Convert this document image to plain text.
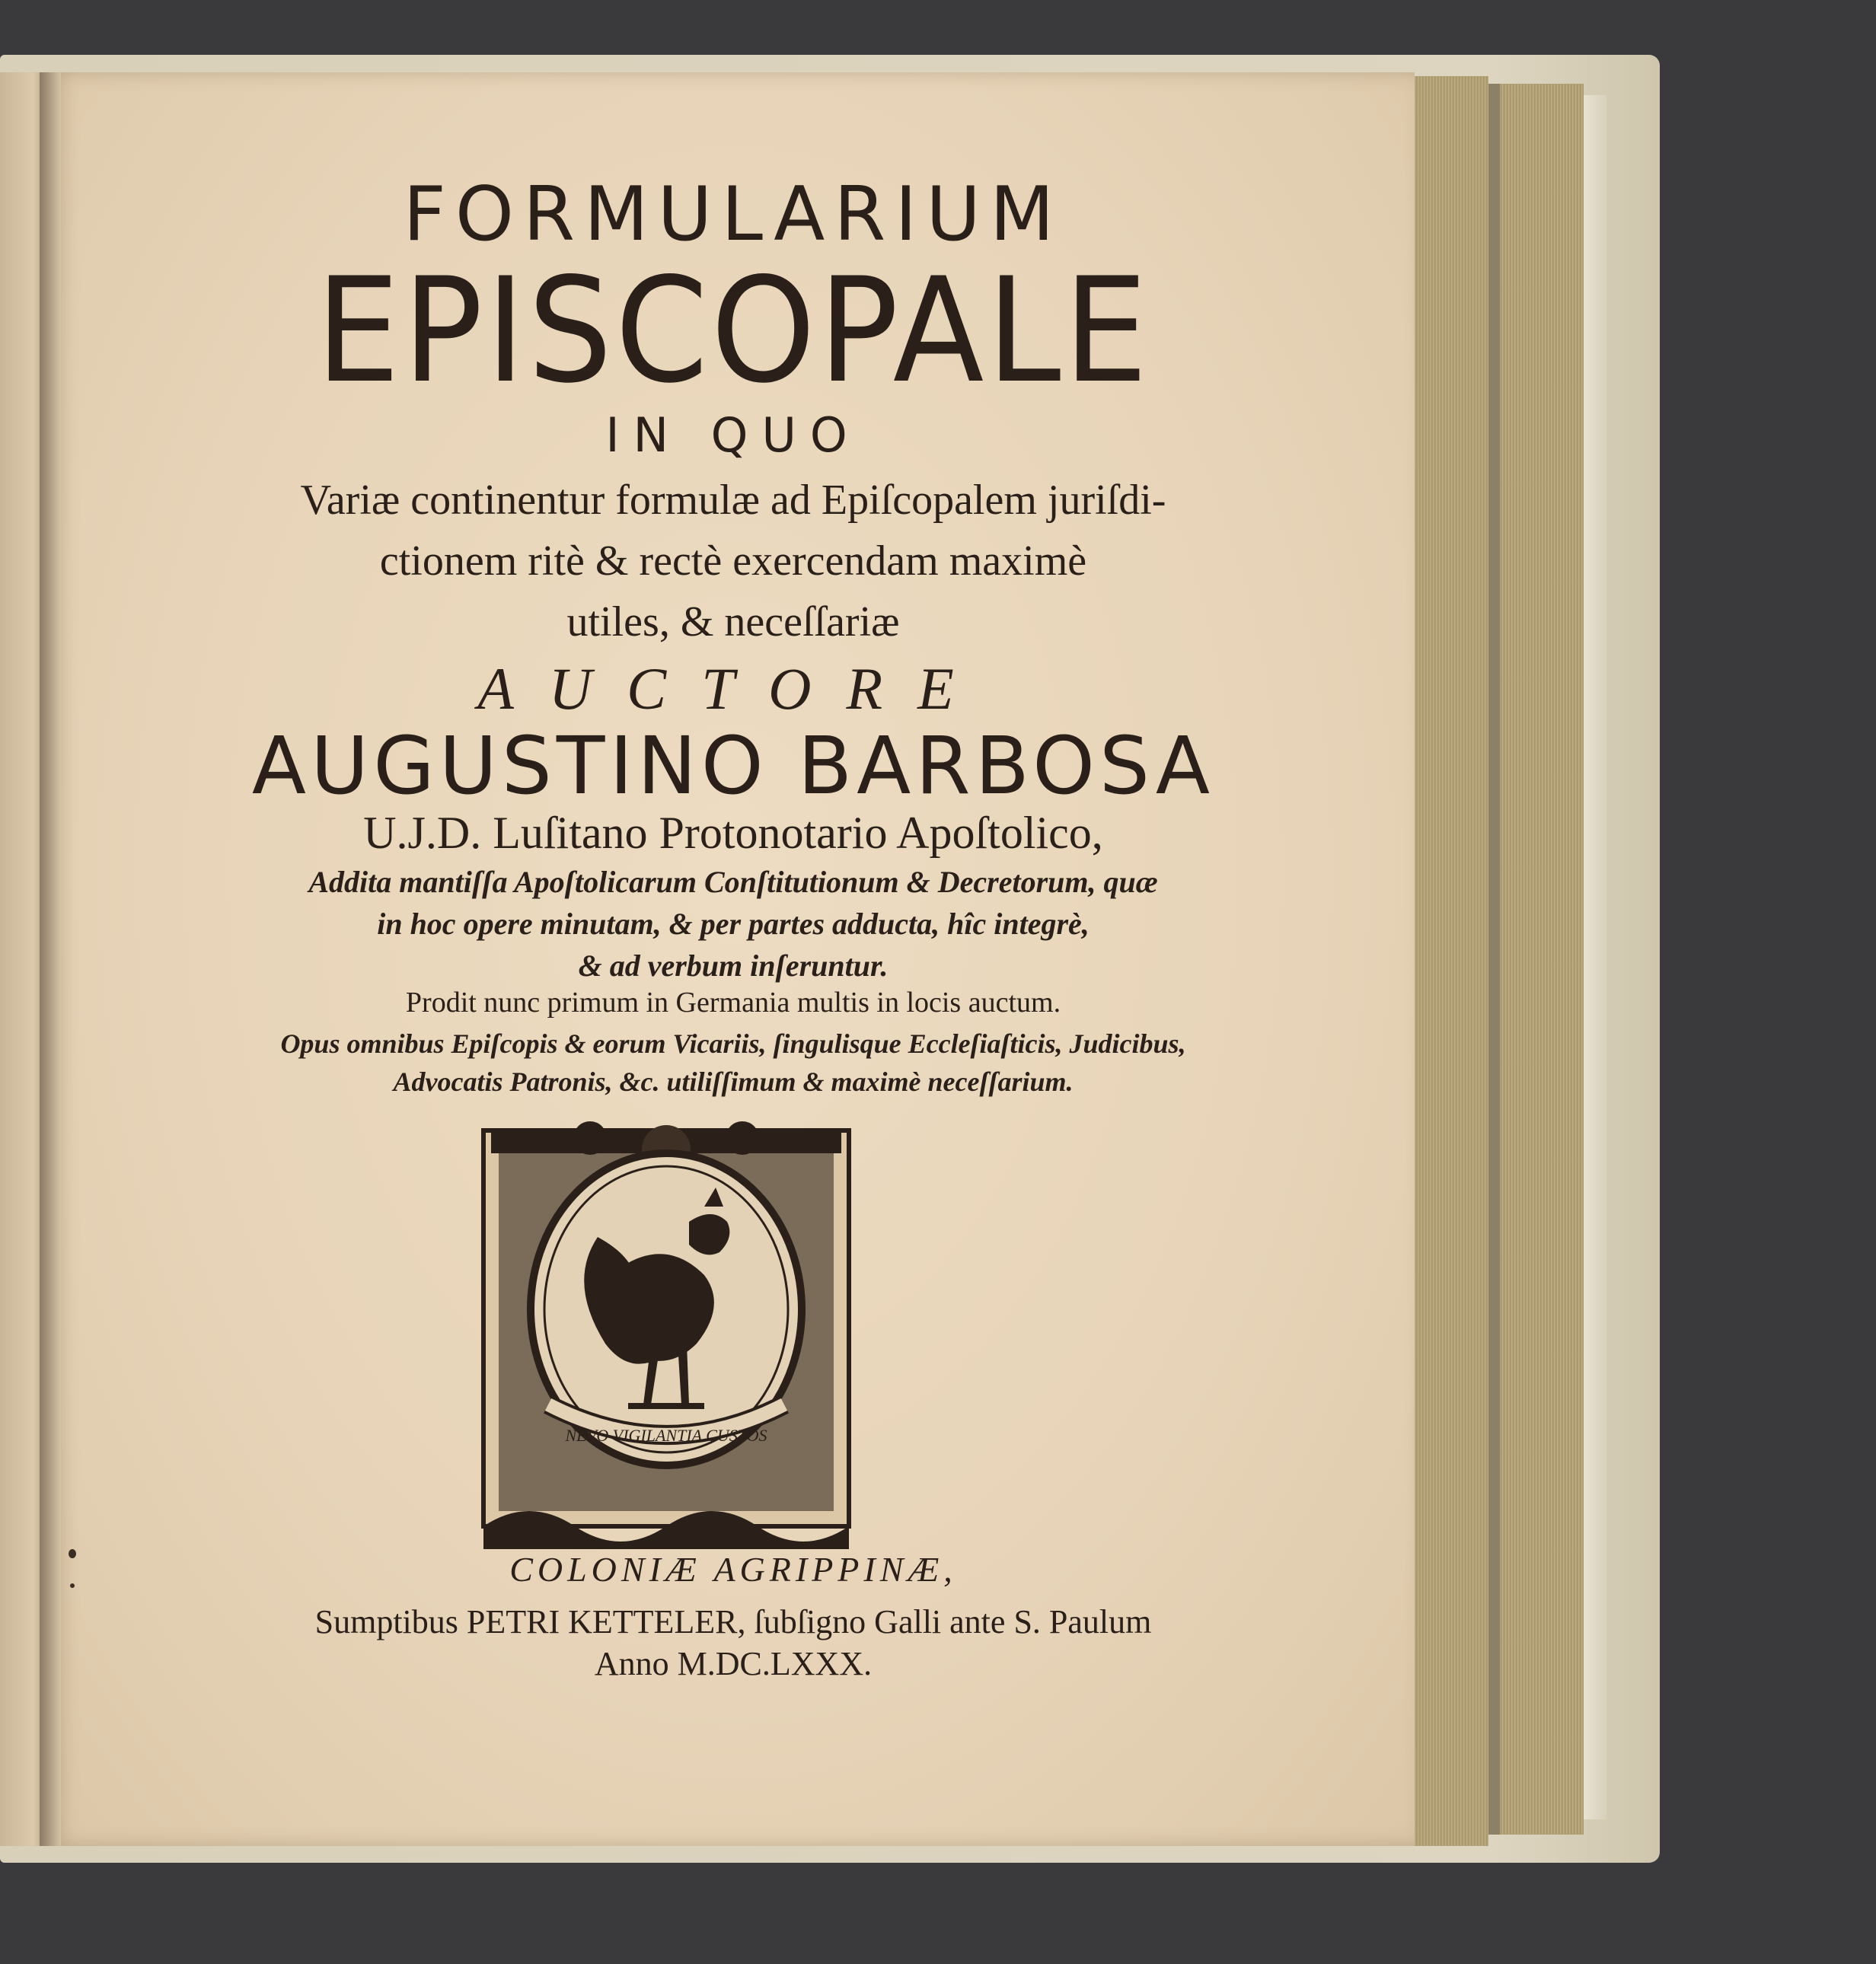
FORMULARIUM
EPISCOPALE
IN QUO
Variæ continentur formulæ ad Epiſcopalem juriſdi-
ctionem ritè & rectè exercendam maximè
utiles, & neceſſariæ
AUCTORE
AUGUSTINO BARBOSA
U.J.D. Luſitano Protonotario Apoſtolico,
Addita mantiſſa Apoſtolicarum Conſtitutionum & Decretorum, quæ
in hoc opere minutam, & per partes adducta, hîc integrè,
& ad verbum inſeruntur.
Prodit nunc primum in Germania multis in locis auctum.
Opus omnibus Epiſcopis & eorum Vicariis, ſingulisque Eccleſiaſticis, Judicibus,
Advocatis Patronis, &c. utiliſſimum & maximè neceſſarium.
NEVO VIGILANTIA CUSTOS
COLONIÆ AGRIPPINÆ,
Sumptibus PETRI KETTELER, ſubſigno Galli ante S. Paulum
Anno M.DC.LXXX.
